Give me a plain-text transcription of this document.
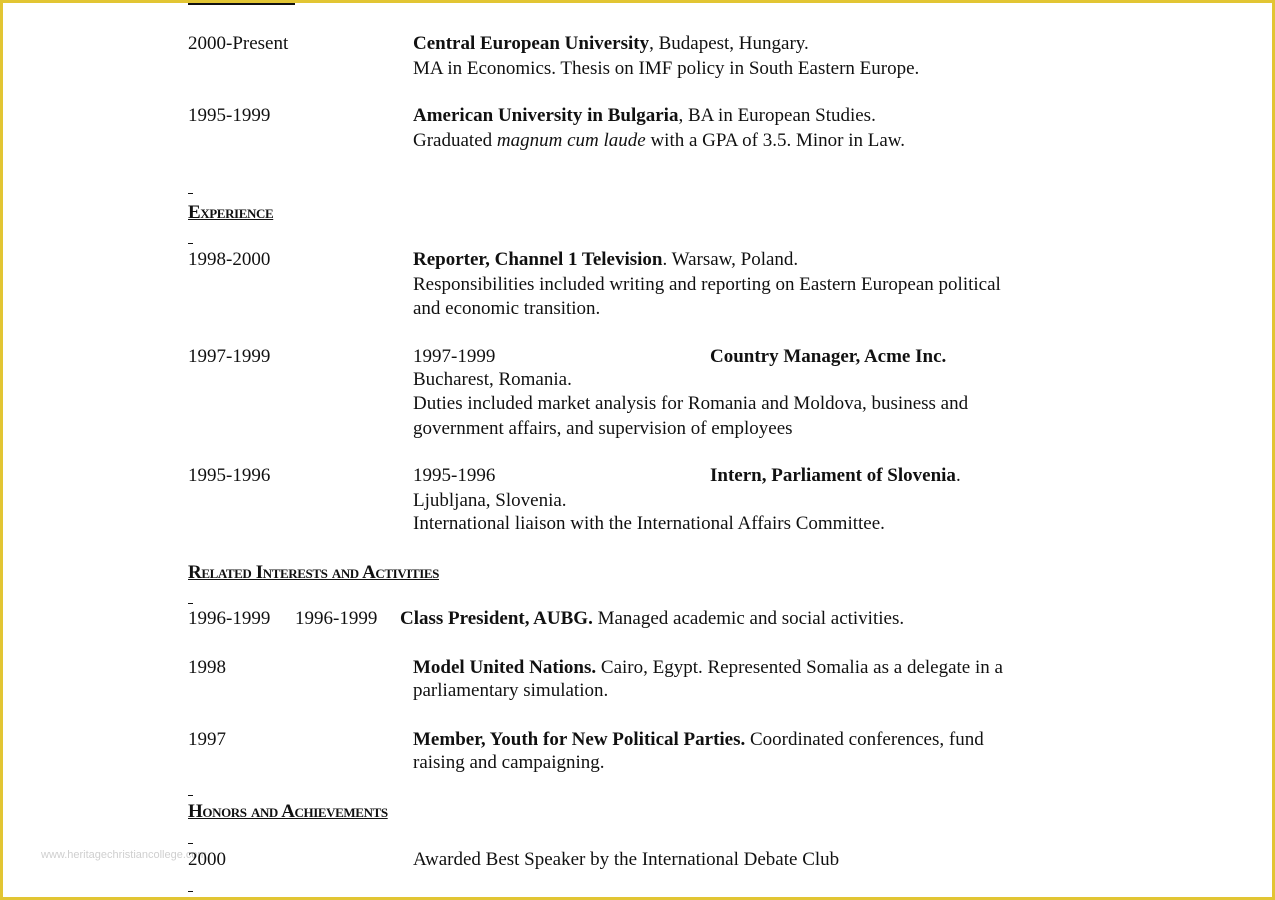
2000-Present	Central European University, Budapest, Hungary.
MA in Economics. Thesis on IMF policy in South Eastern Europe.
1995-1999	American University in Bulgaria, BA in European Studies.
Graduated magnum cum laude with a GPA of 3.5. Minor in Law.
Experience
1998-2000	Reporter, Channel 1 Television. Warsaw, Poland.
Responsibilities included writing and reporting on Eastern European political
and economic transition.
1997-1999	1997-1999	Country Manager, Acme Inc.
Bucharest, Romania.
Duties included market analysis for Romania and Moldova, business and
government affairs, and supervision of employees
1995-1996	1995-1996	Intern, Parliament of Slovenia.
Ljubljana, Slovenia.
International liaison with the International Affairs Committee.
Related Interests and Activities
1996-1999 1996-1999 Class President, AUBG. Managed academic and social activities.
1998	Model United Nations. Cairo, Egypt. Represented Somalia as a delegate in a
parliamentary simulation.
1997	Member, Youth for New Political Parties. Coordinated conferences, fund
raising and campaigning.
Honors and Achievements
www.heritagechristiancollege.com
2000	Awarded Best Speaker by the International Debate Club
